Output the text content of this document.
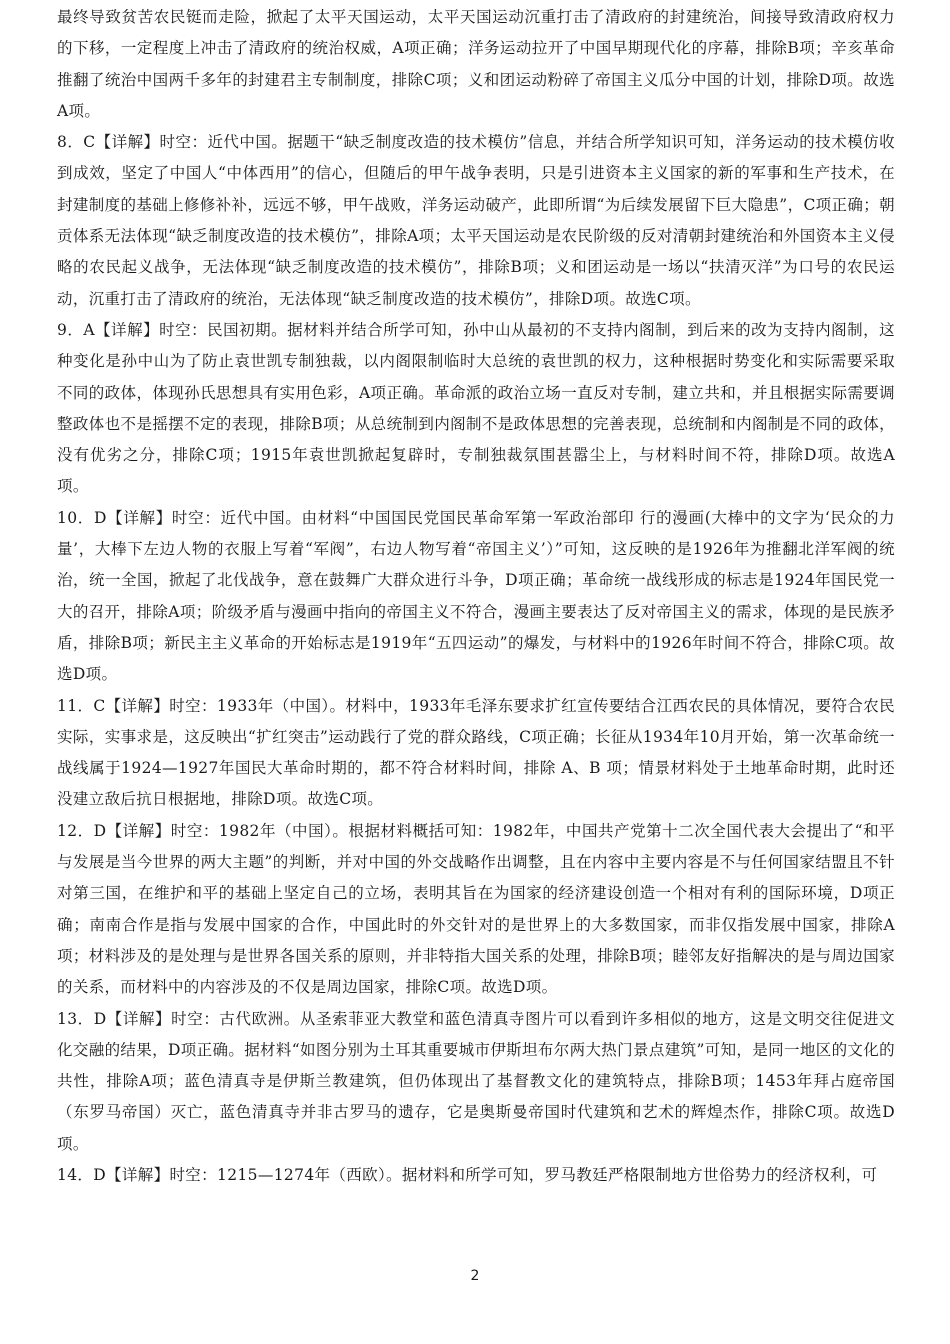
最终导致贫苦农民铤而走险，掀起了太平天国运动，太平天国运动沉重打击了清政府的封建统治，间接导致清政府权力的下移，一定程度上冲击了清政府的统治权威，A项正确；洋务运动拉开了中国早期现代化的序幕，排除B项；辛亥革命推翻了统治中国两千多年的封建君主专制制度，排除C项；义和团运动粉碎了帝国主义瓜分中国的计划，排除D项。故选A项。

8．C【详解】时空：近代中国。据题干“缺乏制度改造的技术模仿”信息，并结合所学知识可知，洋务运动的技术模仿收到成效，坚定了中国人“中体西用”的信心，但随后的甲午战争表明，只是引进资本主义国家的新的军事和生产技术，在封建制度的基础上修修补补，远远不够，甲午战败，洋务运动破产，此即所谓“为后续发展留下巨大隐患”，C项正确；朝贡体系无法体现“缺乏制度改造的技术模仿”，排除A项；太平天国运动是农民阶级的反对清朝封建统治和外国资本主义侵略的农民起义战争，无法体现“缺乏制度改造的技术模仿”，排除B项；义和团运动是一场以“扶清灭洋”为口号的农民运动，沉重打击了清政府的统治，无法体现“缺乏制度改造的技术模仿”，排除D项。故选C项。

9．A【详解】时空：民国初期。据材料并结合所学可知，孙中山从最初的不支持内阁制，到后来的改为支持内阁制，这种变化是孙中山为了防止袁世凯专制独裁，以内阁限制临时大总统的袁世凯的权力，这种根据时势变化和实际需要采取不同的政体，体现孙氏思想具有实用色彩，A项正确。革命派的政治立场一直反对专制，建立共和，并且根据实际需要调整政体也不是摇摆不定的表现，排除B项；从总统制到内阁制不是政体思想的完善表现，总统制和内阁制是不同的政体，没有优劣之分，排除C项；1915年袁世凯掀起复辟时，专制独裁氛围甚嚣尘上，与材料时间不符，排除D项。故选A项。

10．D【详解】时空：近代中国。由材料“中国国民党国民革命军第一军政治部印 行的漫画(大棒中的文字为‘民众的力量’，大棒下左边人物的衣服上写着“军阀”，右边人物写着“帝国主义’）”可知，这反映的是1926年为推翻北洋军阀的统治，统一全国，掀起了北伐战争，意在鼓舞广大群众进行斗争，D项正确；革命统一战线形成的标志是1924年国民党一大的召开，排除A项；阶级矛盾与漫画中指向的帝国主义不符合，漫画主要表达了反对帝国主义的需求，体现的是民族矛盾，排除B项；新民主主义革命的开始标志是1919年“五四运动”的爆发，与材料中的1926年时间不符合，排除C项。故选D项。

11．C【详解】时空：1933年（中国）。材料中，1933年毛泽东要求扩红宣传要结合江西农民的具体情况，要符合农民实际，实事求是，这反映出“扩红突击”运动践行了党的群众路线，C项正确；长征从1934年10月开始，第一次革命统一战线属于1924—1927年国民大革命时期的，都不符合材料时间，排除 A、B 项；情景材料处于土地革命时期，此时还没建立敌后抗日根据地，排除D项。故选C项。

12．D【详解】时空：1982年（中国）。根据材料概括可知：1982年，中国共产党第十二次全国代表大会提出了“和平与发展是当今世界的两大主题”的判断，并对中国的外交战略作出调整，且在内容中主要内容是不与任何国家结盟且不针对第三国，在维护和平的基础上坚定自己的立场，表明其旨在为国家的经济建设创造一个相对有利的国际环境，D项正确；南南合作是指与发展中国家的合作，中国此时的外交针对的是世界上的大多数国家，而非仅指发展中国家，排除A项；材料涉及的是处理与是世界各国关系的原则，并非特指大国关系的处理，排除B项；睦邻友好指解决的是与周边国家的关系，而材料中的内容涉及的不仅是周边国家，排除C项。故选D项。

13．D【详解】时空：古代欧洲。从圣索菲亚大教堂和蓝色清真寺图片可以看到许多相似的地方，这是文明交往促进文化交融的结果，D项正确。据材料“如图分别为土耳其重要城市伊斯坦布尔两大热门景点建筑”可知，是同一地区的文化的共性，排除A项；蓝色清真寺是伊斯兰教建筑，但仍体现出了基督教文化的建筑特点，排除B项；1453年拜占庭帝国（东罗马帝国）灭亡，蓝色清真寺并非古罗马的遗存，它是奥斯曼帝国时代建筑和艺术的辉煌杰作，排除C项。故选D项。

14．D【详解】时空：1215—1274年（西欧）。据材料和所学可知，罗马教廷严格限制地方世俗势力的经济权利，可

2
